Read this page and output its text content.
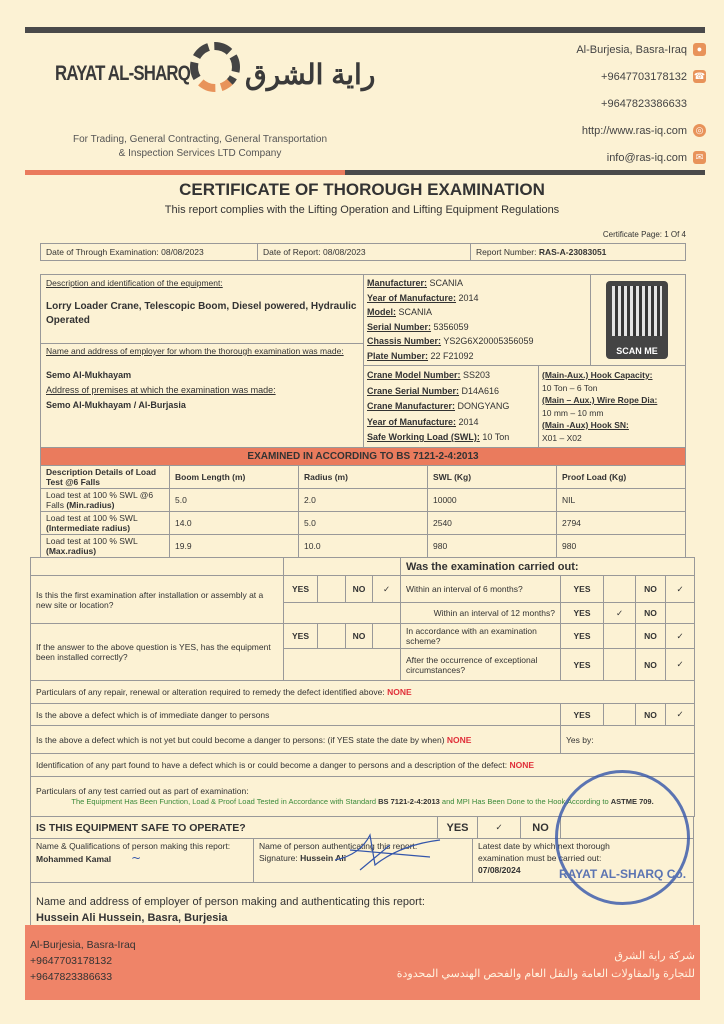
RAYAT AL-SHARQ راية الشرق
For Trading, General Contracting, General Transportation
& Inspection Services LTD Company
Al-Burjesia, Basra-Iraq	●
+9647703178132 ☎
+9647823386633
http://www.ras-iq.com ◎
info@ras-iq.com ✉
CERTIFICATE OF THOROUGH EXAMINATION
This report complies with the Lifting Operation and Lifting Equipment Regulations
Certificate Page: 1 Of 4
Date of Through Examination: 08/08/2023	Date of Report: 08/08/2023	Report Number: RAS-A-23083051
Description and identification of the equipment:
Lorry Loader Crane, Telescopic Boom, Diesel powered, Hydraulic Operated
Name and address of employer for whom the thorough examination was made:
Semo Al-Mukhayam
Address of premises at which the examination was made:
Semo Al-Mukhayam / Al-Burjasia
Manufacturer: SCANIA
Year of Manufacture: 2014
Model: SCANIA
Serial Number: 5356059
Chassis Number: YS2G6X20005356059
Plate Number: 22 F21092	SCAN ME
Crane Model Number: SS203
Crane Serial Number: D14A616
Crane Manufacturer: DONGYANG
Year of Manufacture: 2014
Safe Working Load (SWL): 10 Ton
(Main-Aux.) Hook Capacity:
10 Ton – 6 Ton
(Main – Aux.) Wire Rope Dia:
10 mm – 10 mm
(Main -Aux) Hook SN:
X01 – X02
EXAMINED IN ACCORDING TO BS 7121-2-4:2013				
Description Details of Load Test @6 Falls	Boom Length (m)	Radius (m)	SWL (Kg)	Proof Load (Kg)
Load test at 100 % SWL @6 Falls (Min.radius)	5.0	2.0	10000	NIL
Load test at 100 % SWL (Intermediate radius)	14.0	5.0	2540	2794
Load test at 100 % SWL (Max.radius)	19.9	10.0	980	980
					Was the examination carried out:				
Is this the first examination after installation or assembly at a new site or location?	YES		NO	✓	Within an interval of 6 months?	YES		NO	✓
					Within an interval of 12 months?	YES	✓	NO	
If the answer to the above question is YES, has the equipment been installed correctly?	YES		NO		In accordance with an examination scheme?	YES		NO	✓
					After the occurrence of exceptional circumstances?	YES		NO	✓
Particulars of any repair, renewal or alteration required to remedy the defect identified above: NONE									
Is the above a defect which is of immediate danger to persons						YES		NO	✓
Is the above a defect which is not yet but could become a danger to persons: (if YES state the date by when) NONE						Yes by:			
Identification of any part found to have a defect which is or could become a danger to persons and a description of the defect: NONE									

Particulars of any test carried out as part of examination:
The Equipment Has Been Function, Load & Proof Load Tested in Accordance with Standard BS 7121-2-4:2013 and MPI Has Been Done to the Hook According to ASTME 709.									
IS THIS EQUIPMENT SAFE TO OPERATE?	YES	✓	NO	
Name & Qualifications of person making this report:
Mohammed Kamal ~	
Name of person authenticating this report:
Signature: Hussein Ali	Latest date by which next thorough examination must be carried out:
07/08/2024
Name and address of employer of person making and authenticating this report:
Hussein Ali Hussein, Basra, Burjesia
RAYAT AL-SHARQ Co.
Al-Burjesia, Basra-Iraq
+9647703178132
+9647823386633
شركة راية الشرق
للتجارة والمقاولات العامة والنقل العام والفحص الهندسي المحدودة
